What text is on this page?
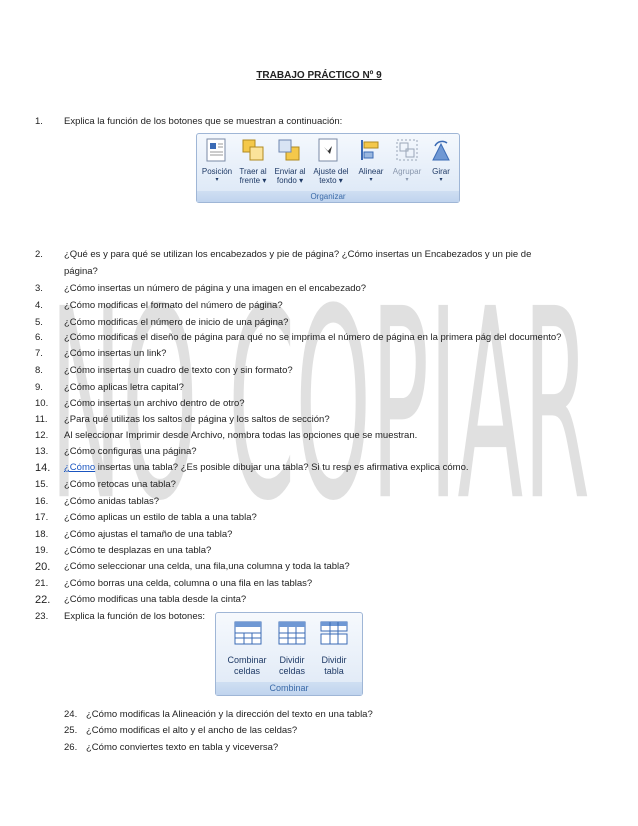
NO COPIAR
TRABAJO PRÁCTICO Nº 9
1. Explica la función de los botones que se muestran a continuación:
Posición
▾
Traer al
frente ▾
Enviar al
fondo ▾
Ajuste del
texto ▾
Alinear
▾
Agrupar
▾
Girar
▾
Organizar
2. ¿Qué es y para qué se utilizan los encabezados y pie de página? ¿Cómo insertas un Encabezados y un pie de
página?
3. ¿Cómo insertas un número de página y una imagen en el encabezado?
4. ¿Cómo modificas el formato del número de página?
5. ¿Cómo modificas el número de inicio de una página?
6. ¿Cómo modificas el diseño de página para qué no se imprima el número de página en la primera pág del documento?
7. ¿Cómo insertas un link?
8. ¿Cómo insertas un cuadro de texto con y sin formato?
9. ¿Cómo aplicas letra capital?
10. ¿Cómo insertas un archivo dentro de otro?
11. ¿Para qué utilizas los saltos de página y los saltos de sección?
12. Al seleccionar Imprimir desde Archivo, nombra todas las opciones que se muestran.
13. ¿Cómo configuras una página?
14. ¿Cómo insertas una tabla? ¿Es posible dibujar una tabla? Si tu resp es afirmativa explica cómo.
15. ¿Cómo retocas una tabla?
16. ¿Cómo anidas tablas?
17. ¿Cómo aplicas un estilo de tabla a una tabla?
18. ¿Cómo ajustas el tamaño de una tabla?
19. ¿Cómo te desplazas en una tabla?
20. ¿Cómo seleccionar una celda, una fila,una columna y toda la tabla?
21. ¿Cómo borras una celda, columna o una fila en las tablas?
22. ¿Cómo modificas una tabla desde la cinta?
23. Explica la función de los botones:
Combinar
celdas
Dividir
celdas
Dividir
tabla
Combinar
24. ¿Cómo modificas la Alineación y la dirección del texto en una tabla?
25. ¿Cómo modificas el alto y el ancho de las celdas?
26. ¿Cómo conviertes texto en tabla y viceversa?
